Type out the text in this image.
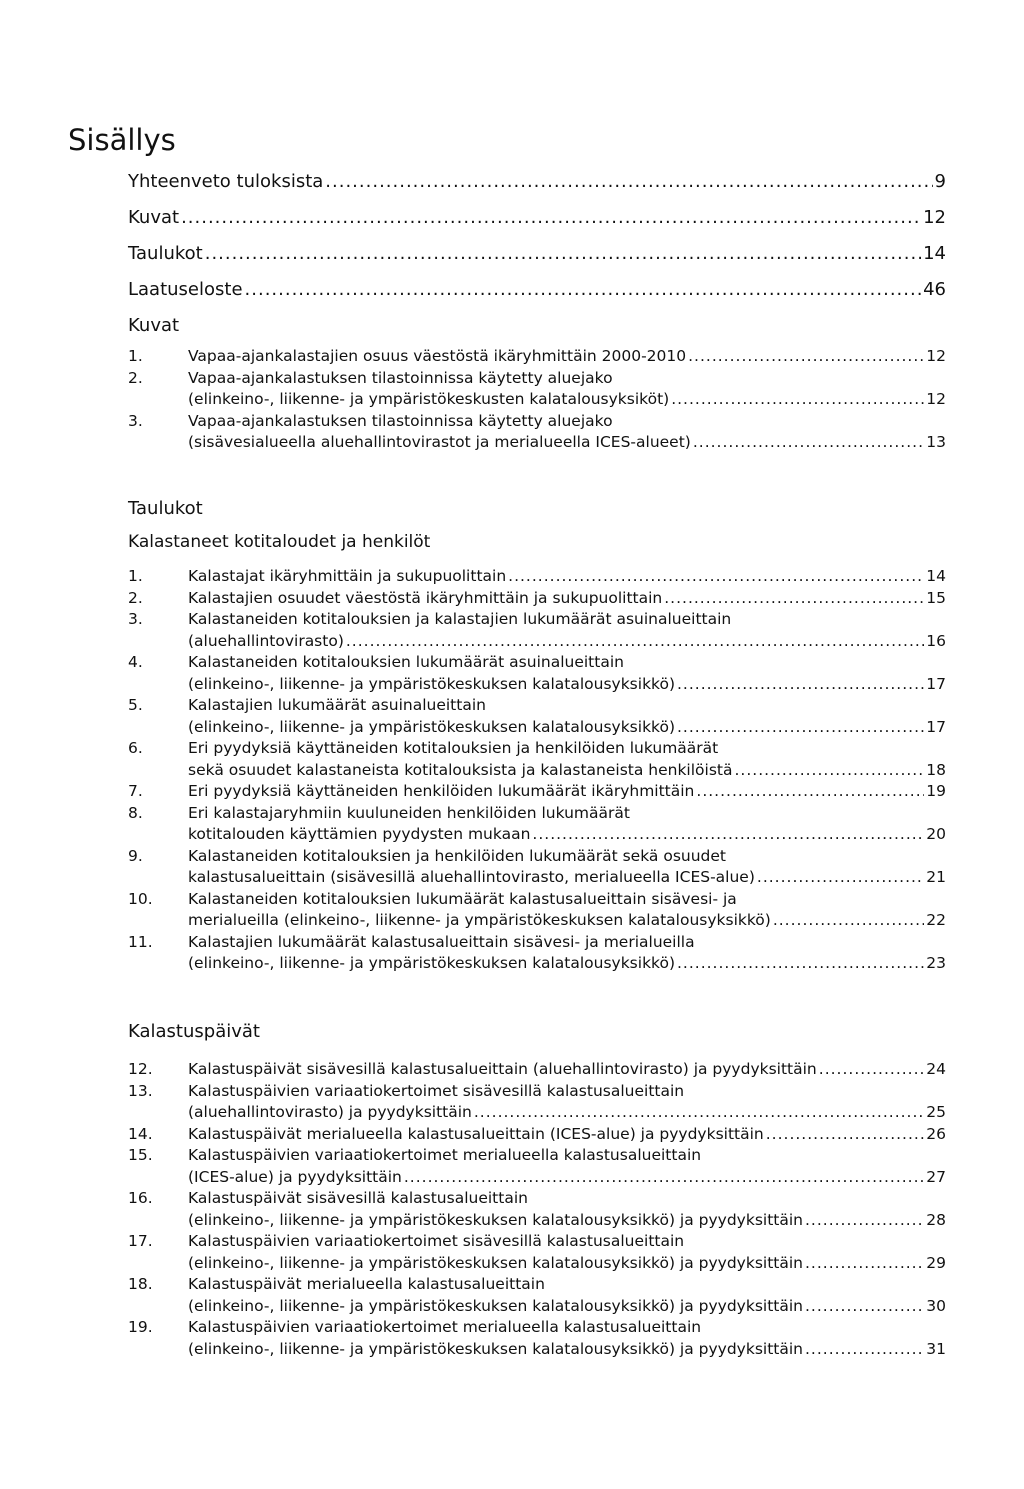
Sisällys
Yhteenveto tuloksista .....	9
Kuvat .....	12
Taulukot .....	14
Laatuseloste .....	46
Kuvat
1.	Vapaa-ajankalastajien osuus väestöstä ikäryhmittäin 2000-2010 .....	12
2.	Vapaa-ajankalastuksen tilastoinnissa käytetty aluejako
(elinkeino-, liikenne- ja ympäristökeskusten kalatalousyksiköt) .....	12
3.	Vapaa-ajankalastuksen tilastoinnissa käytetty aluejako
(sisävesialueella aluehallintovirastot ja merialueella ICES-alueet) .....	13
Taulukot
Kalastaneet kotitaloudet ja henkilöt
1.	Kalastajat ikäryhmittäin ja sukupuolittain .....	14
2.	Kalastajien osuudet väestöstä ikäryhmittäin ja sukupuolittain .....	15
3.	Kalastaneiden kotitalouksien ja kalastajien lukumäärät asuinalueittain
(aluehallintovirasto) .....	16
4.	Kalastaneiden kotitalouksien lukumäärät asuinalueittain
(elinkeino-, liikenne- ja ympäristökeskuksen kalatalousyksikkö) .....	17
5.	Kalastajien lukumäärät asuinalueittain
(elinkeino-, liikenne- ja ympäristökeskuksen kalatalousyksikkö) .....	17
6.	Eri pyydyksiä käyttäneiden kotitalouksien ja henkilöiden lukumäärät
sekä osuudet kalastaneista kotitalouksista ja kalastaneista henkilöistä .....	18
7.	Eri pyydyksiä käyttäneiden henkilöiden lukumäärät ikäryhmittäin .....	19
8.	Eri kalastajaryhmiin kuuluneiden henkilöiden lukumäärät
kotitalouden käyttämien pyydysten mukaan .....	20
9.	Kalastaneiden kotitalouksien ja henkilöiden lukumäärät sekä osuudet
kalastusalueittain (sisävesillä aluehallintovirasto, merialueella ICES-alue) .....	21
10.	Kalastaneiden kotitalouksien lukumäärät kalastusalueittain sisävesi- ja
merialueilla (elinkeino-, liikenne- ja ympäristökeskuksen kalatalousyksikkö) .....	22
11.	Kalastajien lukumäärät kalastusalueittain sisävesi- ja merialueilla
(elinkeino-, liikenne- ja ympäristökeskuksen kalatalousyksikkö) .....	23
Kalastuspäivät
12.	Kalastuspäivät sisävesillä kalastusalueittain (aluehallintovirasto) ja pyydyksittäin .....	24
13.	Kalastuspäivien variaatiokertoimet sisävesillä kalastusalueittain
(aluehallintovirasto) ja pyydyksittäin .....	25
14.	Kalastuspäivät merialueella kalastusalueittain (ICES-alue) ja pyydyksittäin .....	26
15.	Kalastuspäivien variaatiokertoimet merialueella kalastusalueittain
(ICES-alue) ja pyydyksittäin .....	27
16.	Kalastuspäivät sisävesillä kalastusalueittain
(elinkeino-, liikenne- ja ympäristökeskuksen kalatalousyksikkö) ja pyydyksittäin .....	28
17.	Kalastuspäivien variaatiokertoimet sisävesillä kalastusalueittain
(elinkeino-, liikenne- ja ympäristökeskuksen kalatalousyksikkö) ja pyydyksittäin .....	29
18.	Kalastuspäivät merialueella kalastusalueittain
(elinkeino-, liikenne- ja ympäristökeskuksen kalatalousyksikkö) ja pyydyksittäin .....	30
19.	Kalastuspäivien variaatiokertoimet merialueella kalastusalueittain
(elinkeino-, liikenne- ja ympäristökeskuksen kalatalousyksikkö) ja pyydyksittäin .....	31
